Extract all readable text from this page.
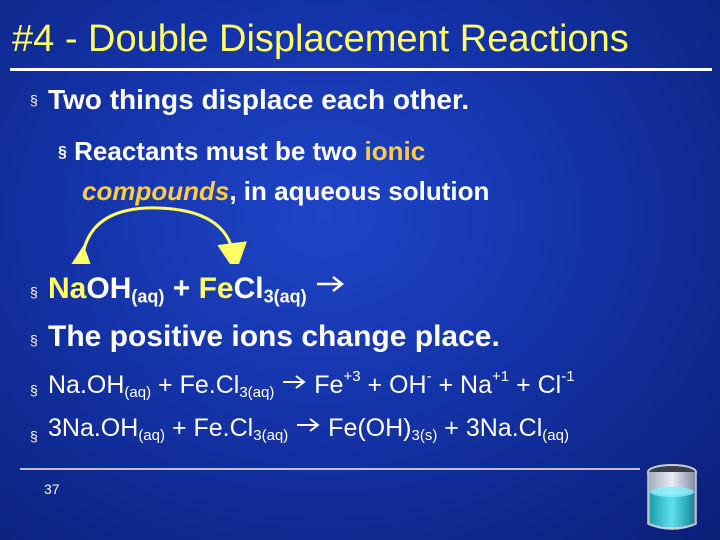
#4 - Double Displacement Reactions
§ Two things displace each other.
§ Reactants must be two ionic
compounds, in aqueous solution
§ NaOH$_{(aq)}$ + FeCl$_{3(aq)}$
§ The positive ions change place.
§ $Na.OH_{(aq)} + Fe.Cl_{3(aq)}$ $Fe^{+3} + OH^- + Na^{+1} + Cl^{-1}$
§ $3Na.OH_{(aq)} + Fe.Cl_{3(aq)}$ $Fe(OH)_{3(s)} + 3Na.Cl_{(aq)}$
37
